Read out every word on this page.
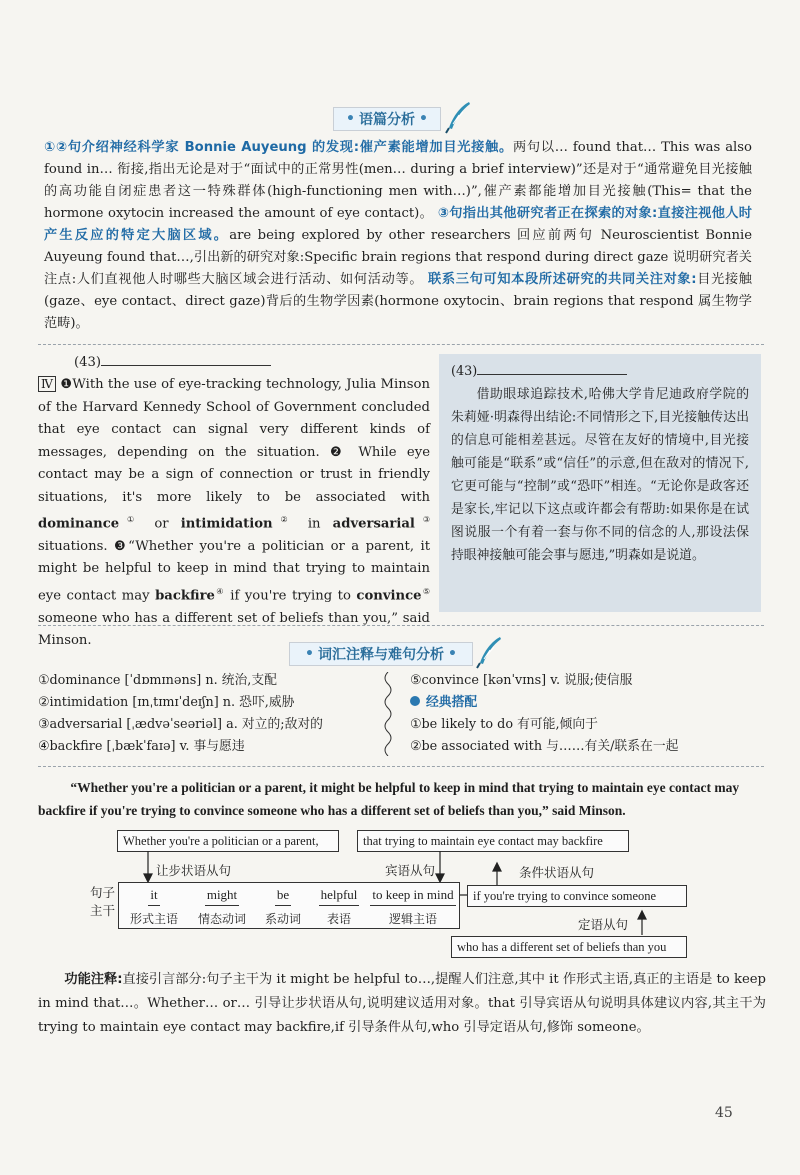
• 语篇分析 •

①②句介绍神经科学家 Bonnie Auyeung 的发现:催产素能增加目光接触。两句以… found that… This was also found in… 衔接,指出无论是对于“面试中的正常男性(men… during a brief interview)”还是对于“通常避免目光接触的高功能自闭症患者这一特殊群体(high-functioning men with…)”,催产素都能增加目光接触(This= that the hormone oxytocin increased the amount of eye contact)。 ③句指出其他研究者正在探索的对象:直接注视他人时产生反应的特定大脑区域。are being explored by other researchers 回应前两句 Neuroscientist Bonnie Auyeung found that…,引出新的研究对象:Specific brain regions that respond during direct gaze 说明研究者关注点:人们直视他人时哪些大脑区域会进行活动、如何活动等。 联系三句可知本段所述研究的共同关注对象:目光接触(gaze、eye contact、direct gaze)背后的生物学因素(hormone oxytocin、brain regions that respond 属生物学范畴)。

(43)
Ⅳ ❶With the use of eye-tracking technology, Julia Minson of the Harvard Kennedy School of Government concluded that eye contact can signal very different kinds of messages, depending on the situation. ❷ While eye contact may be a sign of connection or trust in friendly situations, it's more likely to be associated with dominance① or intimidation② in adversarial③ situations. ❸“Whether you're a politician or a parent, it might be helpful to keep in mind that trying to maintain eye contact may backfire④ if you're trying to convince⑤ someone who has a different set of beliefs than you,” said Minson.
(43)
借助眼球追踪技术,哈佛大学肯尼迪政府学院的朱莉娅·明森得出结论:不同情形之下,目光接触传达出的信息可能相差甚远。尽管在友好的情境中,目光接触可能是“联系”或“信任”的示意,但在敌对的情况下,它更可能与“控制”或“恐吓”相连。“无论你是政客还是家长,牢记以下这点或许都会有帮助:如果你是在试图说服一个有着一套与你不同的信念的人,那设法保持眼神接触可能会事与愿违,”明森如是说道。
• 词汇注释与难句分析 •
①dominance [ˈdɒmɪnəns] n. 统治,支配
②intimidation [ɪnˌtɪmɪˈdeɪʃn] n. 恐吓,威胁
③adversarial [ˌædvəˈseəriəl] a. 对立的;敌对的
④backfire [ˌbækˈfaɪə] v. 事与愿违
⑤convince [kənˈvɪns] v. 说服;使信服
经典搭配
①be likely to do 有可能,倾向于
②be associated with 与……有关/联系在一起
“Whether you're a politician or a parent, it might be helpful to keep in mind that trying to maintain eye contact may backfire if you're trying to convince someone who has a different set of beliefs than you,” said Minson.
Whether you're a politician or a parent,	that trying to maintain eye contact may backfire
让步状语从句	宾语从句	条件状语从句
定语从句
句子主干
it
形式主语
might
情态动词
be
系动词
helpful
表语
to keep in mind
逻辑主语
if you're trying to convince someone
who has a different set of beliefs than you
功能注释:直接引言部分:句子主干为 it might be helpful to…,提醒人们注意,其中 it 作形式主语,真正的主语是 to keep in mind that…。Whether… or… 引导让步状语从句,说明建议适用对象。that 引导宾语从句说明具体建议内容,其主干为 trying to maintain eye contact may backfire,if 引导条件从句,who 引导定语从句,修饰 someone。
45
